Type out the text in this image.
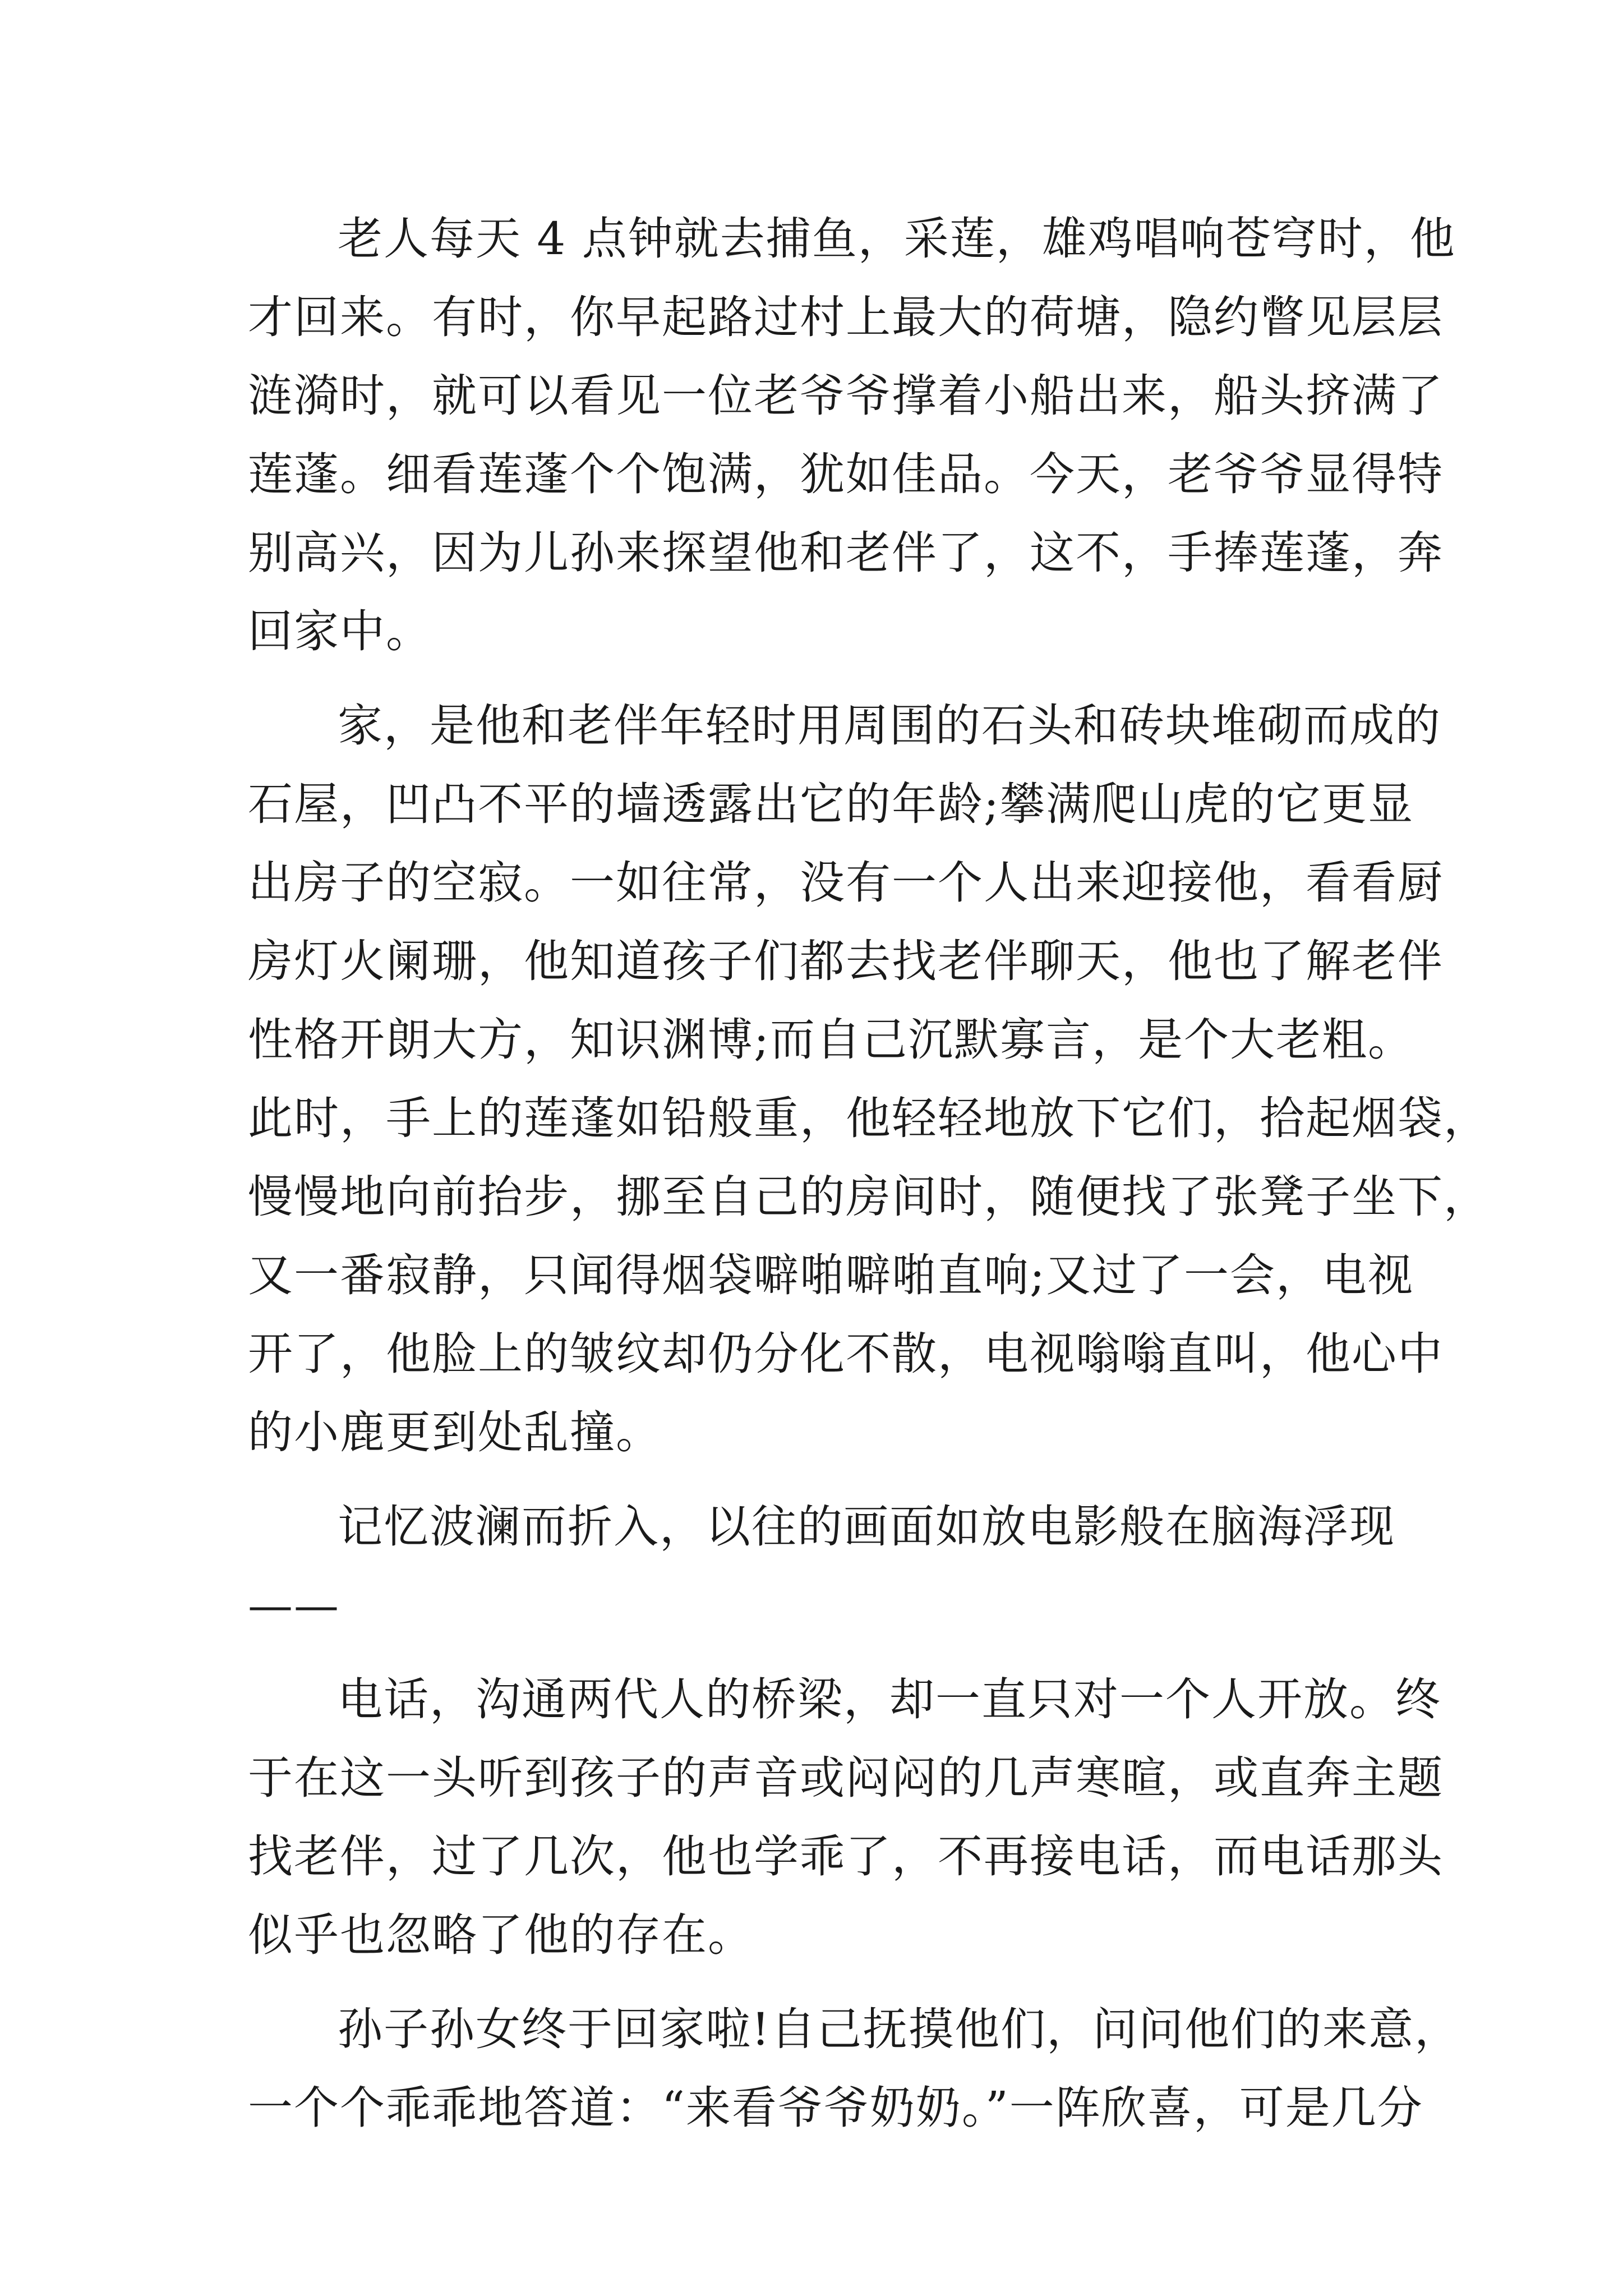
老人每天 4 点钟就去捕鱼，采莲，雄鸡唱响苍穹时，他
才回来。有时，你早起路过村上最大的荷塘，隐约瞥见层层
涟漪时，就可以看见一位老爷爷撑着小船出来，船头挤满了
莲蓬。细看莲蓬个个饱满，犹如佳品。今天，老爷爷显得特
别高兴，因为儿孙来探望他和老伴了，这不，手捧莲蓬，奔
回家中。
家，是他和老伴年轻时用周围的石头和砖块堆砌而成的
石屋，凹凸不平的墙透露出它的年龄;攀满爬山虎的它更显
出房子的空寂。一如往常，没有一个人出来迎接他，看看厨
房灯火阑珊，他知道孩子们都去找老伴聊天，他也了解老伴
性格开朗大方，知识渊博;而自己沉默寡言，是个大老粗。
此时，手上的莲蓬如铅般重，他轻轻地放下它们，拾起烟袋，
慢慢地向前抬步，挪至自己的房间时，随便找了张凳子坐下，
又一番寂静，只闻得烟袋噼啪噼啪直响;又过了一会，电视
开了，他脸上的皱纹却仍分化不散，电视嗡嗡直叫，他心中
的小鹿更到处乱撞。
记忆波澜而折入，以往的画面如放电影般在脑海浮现
——
电话，沟通两代人的桥梁，却一直只对一个人开放。终
于在这一头听到孩子的声音或闷闷的几声寒暄，或直奔主题
找老伴，过了几次，他也学乖了，不再接电话，而电话那头
似乎也忽略了他的存在。
孙子孙女终于回家啦!自己抚摸他们，问问他们的来意，
一个个乖乖地答道：“来看爷爷奶奶。”一阵欣喜，可是几分
